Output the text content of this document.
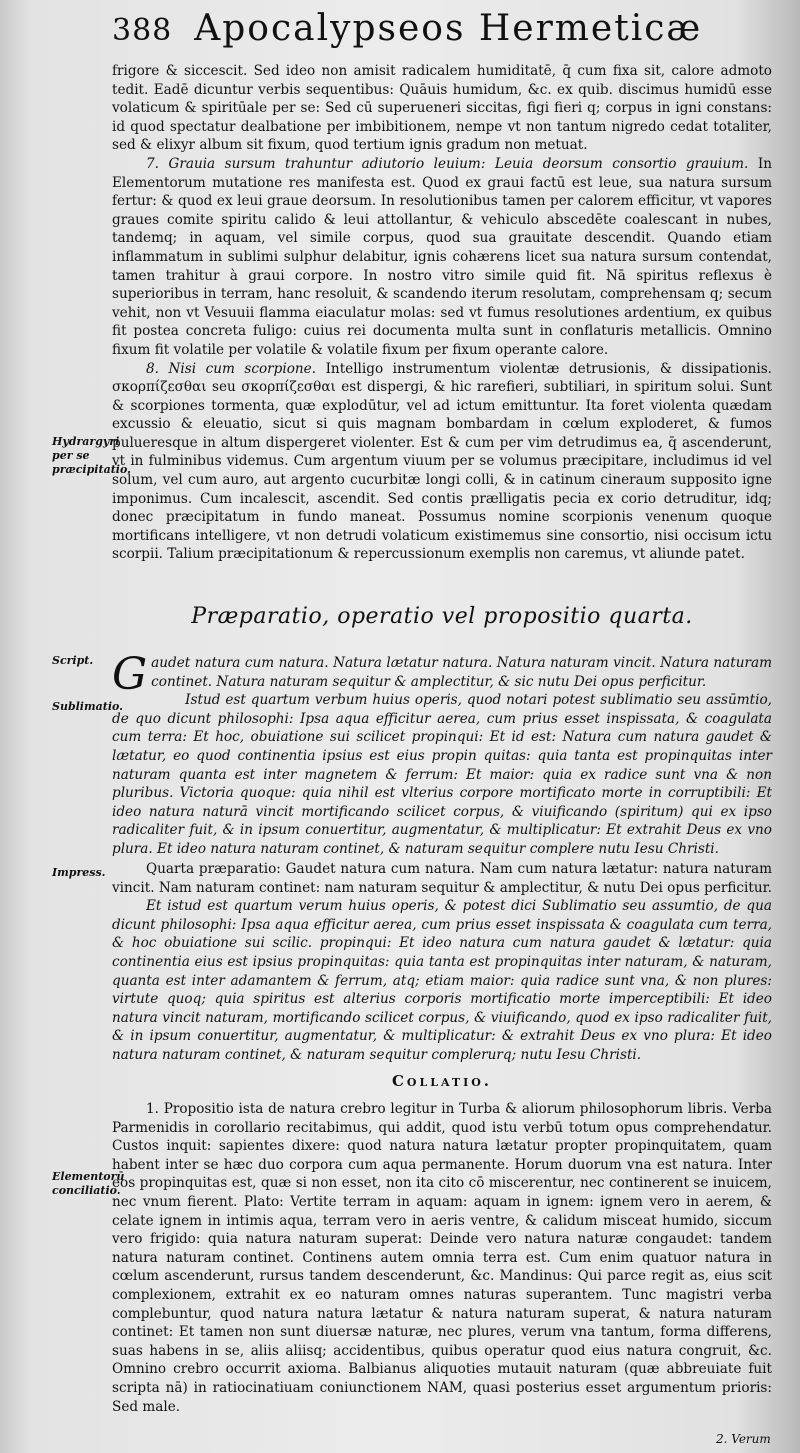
388 Apocalypseos Hermeticæ

frigore & siccescit. Sed ideo non amisit radicalem humiditatē, q̄ cum fixa sit, calore admoto tedit. Eadē dicuntur verbis sequentibus: Quāuis humidum, &c. ex quib. discimus humidū esse volaticum & spiritūale per se: Sed cū superueneri siccitas, figi fieri q; corpus in igni constans: id quod spectatur dealbatione per imbibitionem, nempe vt non tantum nigredo cedat totaliter, sed & elixyr album sit fixum, quod tertium ignis gradum non metuat.

7. Grauia sursum trahuntur adiutorio leuium: Leuia deorsum consortio grauium. In Elementorum mutatione res manifesta est. Quod ex graui factū est leue, sua natura sursum fertur: & quod ex leui graue deorsum. In resolutionibus tamen per calorem efficitur, vt vapores graues comite spiritu calido & leui attollantur, & vehiculo abscedēte coalescant in nubes, tandemq; in aquam, vel simile corpus, quod sua grauitate descendit. Quando etiam inflammatum in sublimi sulphur delabitur, ignis cohærens licet sua natura sursum contendat, tamen trahitur à graui corpore. In nostro vitro simile quid fit. Nā spiritus reflexus è superioribus in terram, hanc resoluit, & scandendo iterum resolutam, comprehensam q; secum vehit, non vt Vesuuii flamma eiaculatur molas: sed vt fumus resolutiones ardentium, ex quibus fit postea concreta fuligo: cuius rei documenta multa sunt in conflaturis metallicis. Omnino fixum fit volatile per volatile & volatile fixum per fixum operante calore.

8. Nisi cum scorpione. Intelligo instrumentum violentæ detrusionis, & dissipationis. σκορπίζεσθαι seu σκορπίζεσθαι est dispergi, & hic rarefieri, subtiliari, in spiritum solui. Sunt & scorpiones tormenta, quæ explodūtur, vel ad ictum emittuntur. Ita foret violenta quædam excussio & eleuatio, sicut si quis magnam bombardam in cœlum exploderet, & fumos pulueresque in altum dispergeret violenter. Est & cum per vim detrudimus ea, q̄ ascenderunt, vt in fulminibus videmus. Cum argentum viuum per se volumus præcipitare, includimus id vel solum, vel cum auro, aut argento cucurbitæ longi colli, & in catinum cineraum supposito igne imponimus. Cum incalescit, ascendit. Sed contis prælligatis pecia ex corio detruditur, idq; donec præcipitatum in fundo maneat. Possumus nomine scorpionis venenum quoque mortificans intelligere, vt non detrudi volaticum existimemus sine consortio, nisi occisum ictu scorpii. Talium præcipitationum & repercussionum exemplis non caremus, vt aliunde patet.

Hydrargyri per se præcipitatio.
Præparatio, operatio vel propositio quarta.
Script.
Sublimatio.

Gaudet natura cum natura. Natura lætatur natura. Natura naturam vincit. Natura naturam continet. Natura naturam sequitur & amplectitur, & sic nutu Dei opus perficitur.

Istud est quartum verbum huius operis, quod notari potest sublimatio seu assūmtio, de quo dicunt philosophi: Ipsa aqua efficitur aerea, cum prius esset inspissata, & coagulata cum terra: Et hoc, obuiatione sui scilicet propinqui: Et id est: Natura cum natura gaudet & lætatur, eo quod continentia ipsius est eius propin quitas: quia tanta est propinquitas inter naturam quanta est inter magnetem & ferrum: Et maior: quia ex radice sunt vna & non pluribus. Victoria quoque: quia nihil est vlterius corpore mortificato morte in corruptibili: Et ideo natura naturā vincit mortificando scilicet corpus, & viuificando (spiritum) qui ex ipso radicaliter fuit, & in ipsum conuertitur, augmentatur, & multiplicatur: Et extrahit Deus ex vno plura. Et ideo natura naturam continet, & naturam sequitur complere nutu Iesu Christi.

Impress.	Quarta præparatio: Gaudet natura cum natura. Nam cum natura lætatur: natura naturam vincit. Nam naturam continet: nam naturam sequitur & amplectitur, & nutu Dei opus perficitur.

Et istud est quartum verum huius operis, & potest dici Sublimatio seu assumtio, de qua dicunt philosophi: Ipsa aqua efficitur aerea, cum prius esset inspissata & coagulata cum terra, & hoc obuiatione sui scilic. propinqui: Et ideo natura cum natura gaudet & lætatur: quia continentia eius est ipsius propinquitas: quia tanta est propinquitas inter naturam, & naturam, quanta est inter adamantem & ferrum, atq; etiam maior: quia radice sunt vna, & non plures: virtute quoq; quia spiritus est alterius corporis mortificatio morte imperceptibili: Et ideo natura vincit naturam, mortificando scilicet corpus, & viuificando, quod ex ipso radicaliter fuit, & in ipsum conuertitur, augmentatur, & multiplicatur: & extrahit Deus ex vno plura: Et ideo natura naturam continet, & naturam sequitur complerurq; nutu Iesu Christi.

Collatio.
Elementorū conciliatio.

1. Propositio ista de natura crebro legitur in Turba & aliorum philosophorum libris. Verba Parmenidis in corollario recitabimus, qui addit, quod istu verbū totum opus comprehendatur. Custos inquit: sapientes dixere: quod natura natura lætatur propter propinquitatem, quam habent inter se hæc duo corpora cum aqua permanente. Horum duorum vna est natura. Inter eos propinquitas est, quæ si non esset, non ita cito cō miscerentur, nec continerent se inuicem, nec vnum fierent. Plato: Vertite terram in aquam: aquam in ignem: ignem vero in aerem, & celate ignem in intimis aqua, terram vero in aeris ventre, & calidum misceat humido, siccum vero frigido: quia natura naturam superat: Deinde vero natura naturæ congaudet: tandem natura naturam continet. Continens autem omnia terra est. Cum enim quatuor natura in cœlum ascenderunt, rursus tandem descenderunt, &c. Mandinus: Qui parce regit as, eius scit complexionem, extrahit ex eo naturam omnes naturas superantem. Tunc magistri verba complebuntur, quod natura natura lætatur & natura naturam superat, & natura naturam continet: Et tamen non sunt diuersæ naturæ, nec plures, verum vna tantum, forma differens, suas habens in se, aliis aliisq; accidentibus, quibus operatur quod eius natura congruit, &c. Omnino crebro occurrit axioma. Balbianus aliquoties mutauit naturam (quæ abbreuiate fuit scripta nā) in ratiocinatiuam coniunctionem NAM, quasi posterius esset argumentum prioris: Sed male.

2. Verum
